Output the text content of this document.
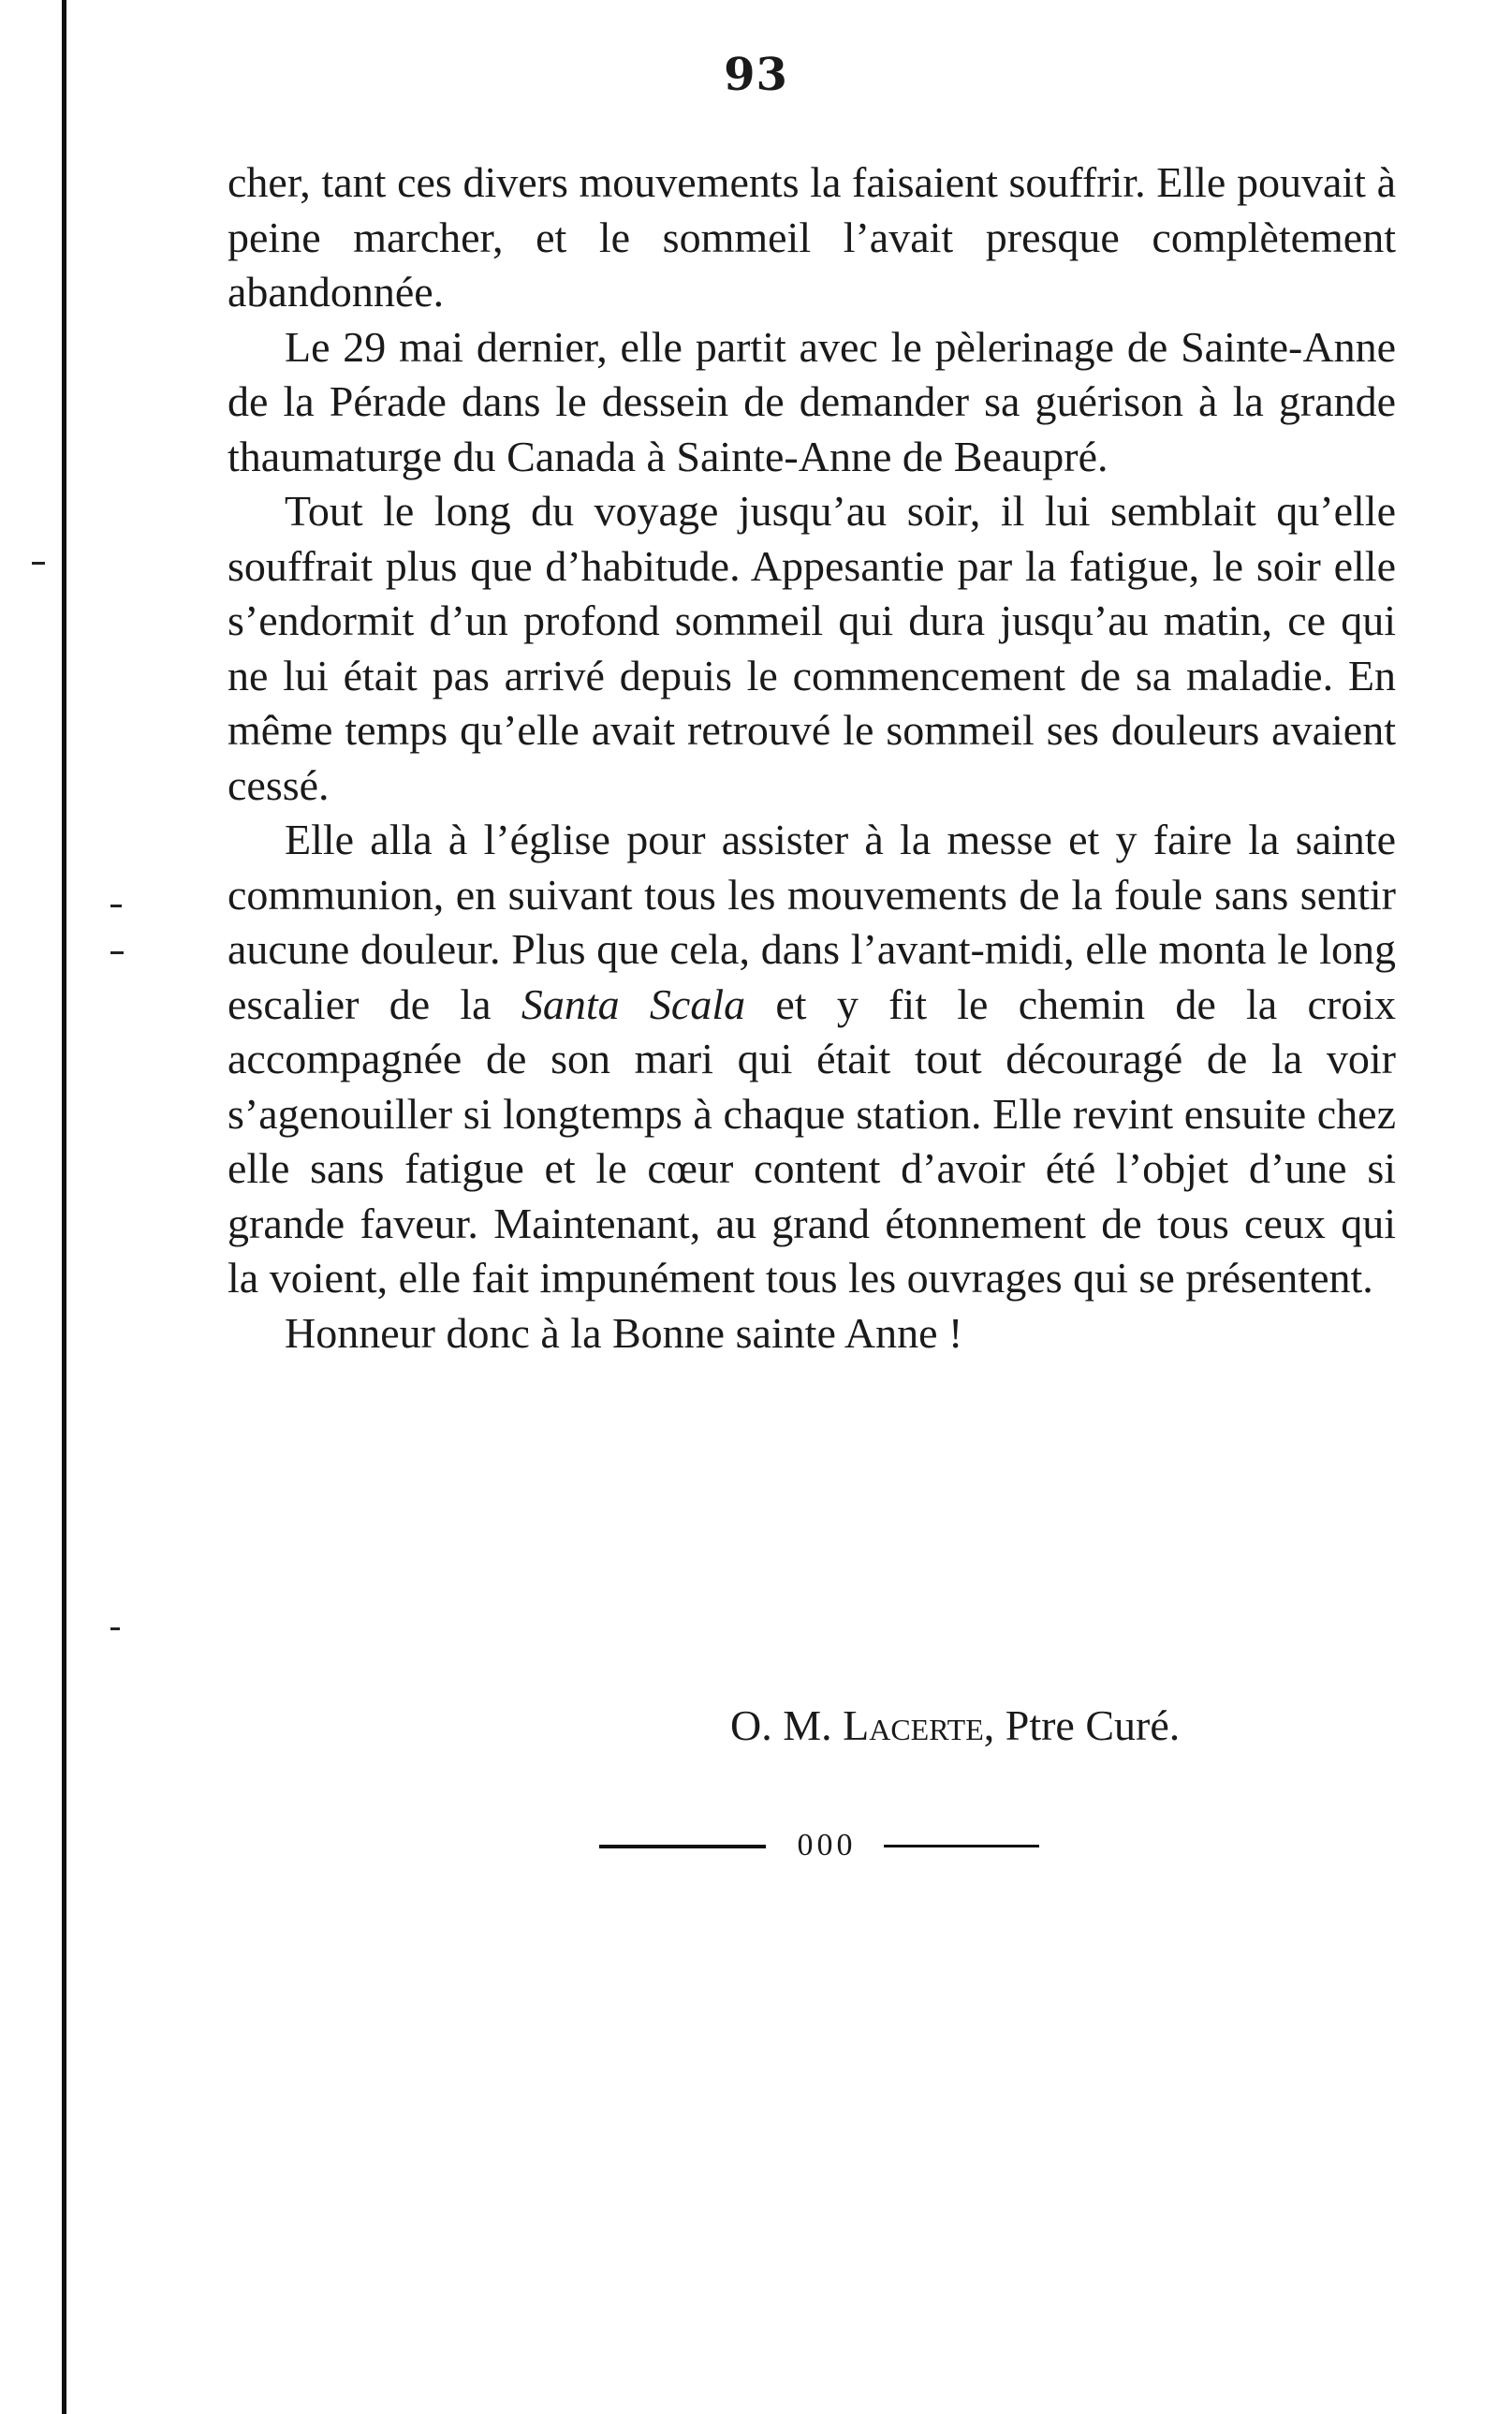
93

cher, tant ces divers mouvements la faisaient souffrir. Elle pouvait à peine marcher, et le sommeil l’avait presque complètement abandonnée.

Le 29 mai dernier, elle partit avec le pèlerinage de Sainte-Anne de la Pérade dans le dessein de demander sa guérison à la grande thaumaturge du Canada à Sainte-Anne de Beaupré.

Tout le long du voyage jusqu’au soir, il lui semblait qu’elle souffrait plus que d’habitude. Appesantie par la fatigue, le soir elle s’endormit d’un profond sommeil qui dura jusqu’au matin, ce qui ne lui était pas arrivé depuis le commencement de sa maladie. En même temps qu’elle avait retrouvé le sommeil ses douleurs avaient cessé.

Elle alla à l’église pour assister à la messe et y faire la sainte communion, en suivant tous les mouvements de la foule sans sentir aucune douleur. Plus que cela, dans l’avant-midi, elle monta le long escalier de la Santa Scala et y fit le chemin de la croix accompagnée de son mari qui était tout découragé de la voir s’agenouiller si longtemps à chaque station. Elle revint ensuite chez elle sans fatigue et le cœur content d’avoir été l’objet d’une si grande faveur. Maintenant, au grand étonnement de tous ceux qui la voient, elle fait impunément tous les ouvrages qui se présentent.

Honneur donc à la Bonne sainte Anne !

O. M. Lacerte, Ptre Curé.
000
